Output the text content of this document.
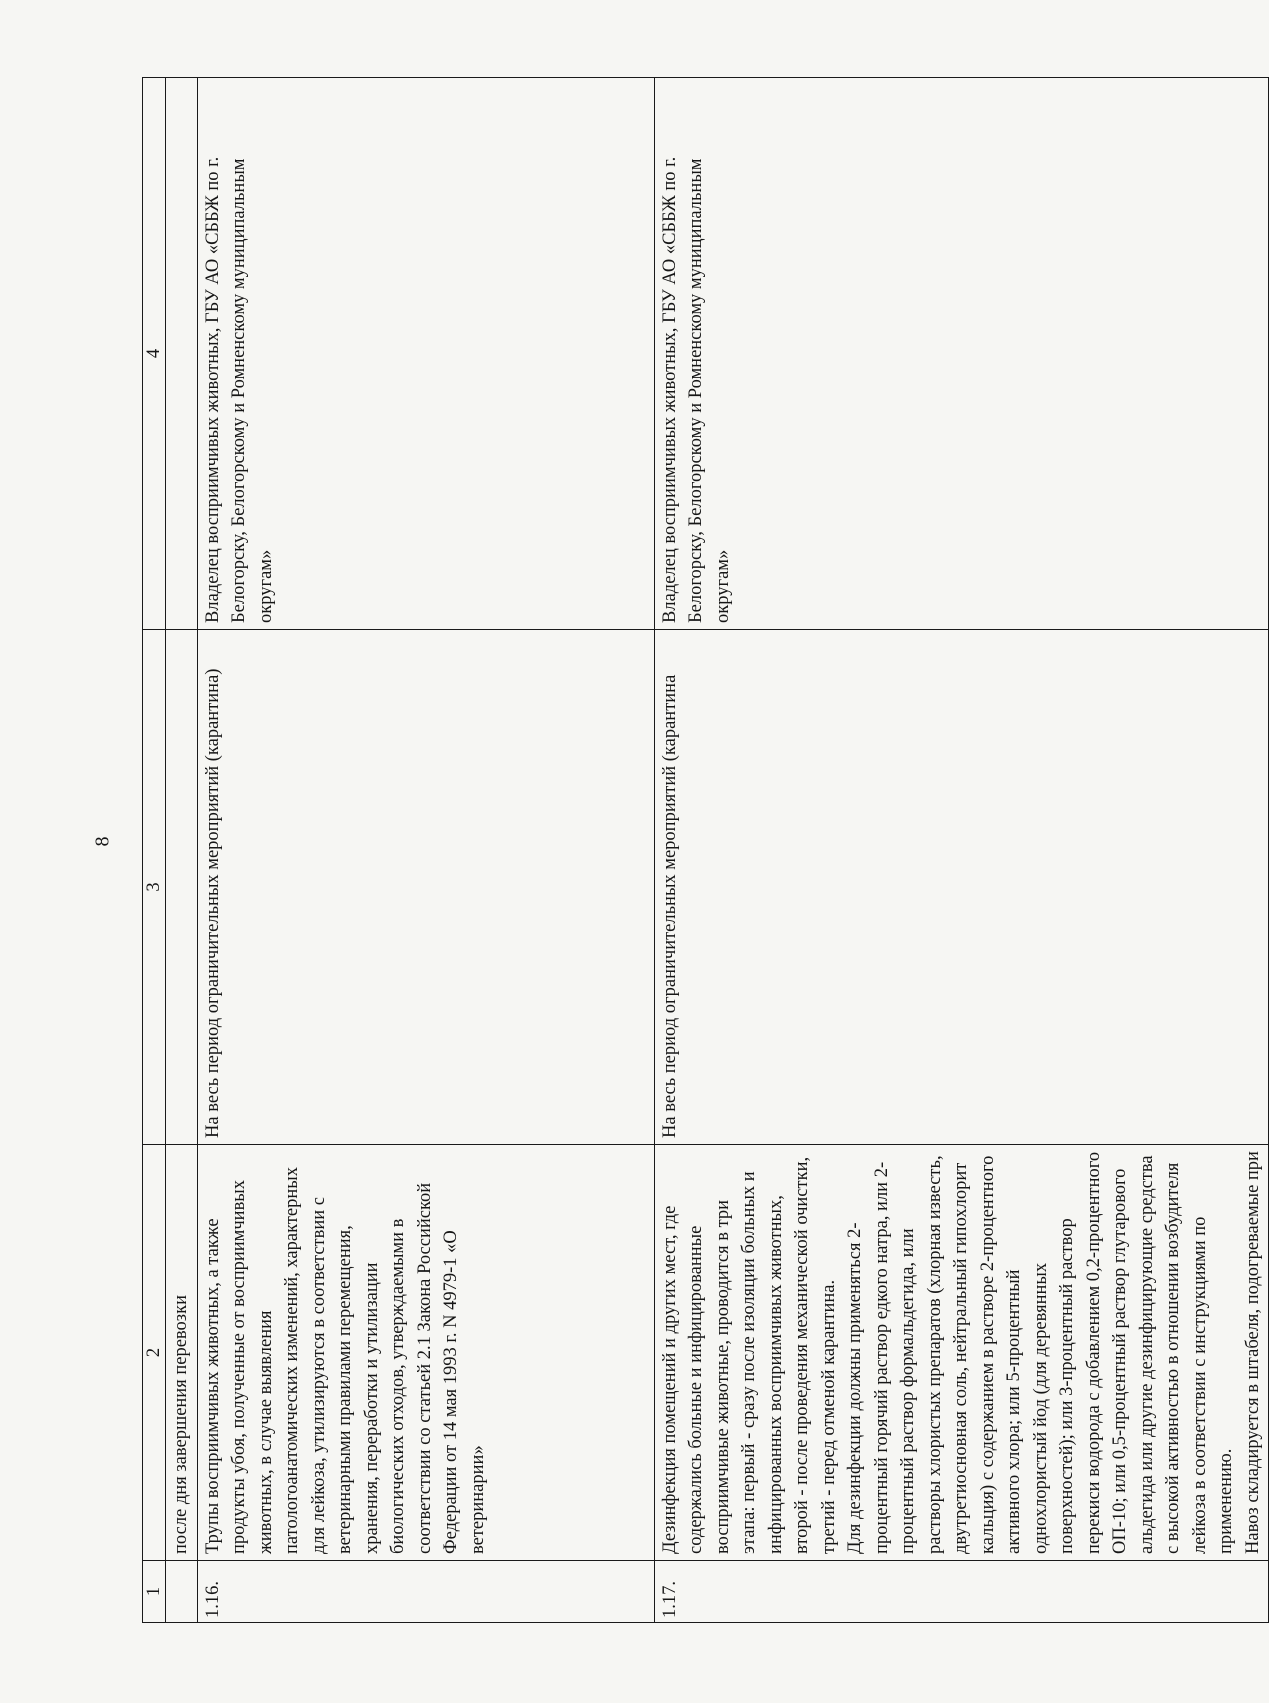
8
1	2	3	4
	после дня завершения перевозки		
1.16.	Трупы восприимчивых животных, а также продукты убоя, полученные от восприимчивых животных, в случае выявления патологоанатомических изменений, характерных для лейкоза, утилизируются в соответствии с ветеринарными правилами перемещения, хранения, переработки и утилизации биологических отходов, утверждаемыми в соответствии со статьей 2.1 Закона Российской Федерации от 14 мая 1993 г. N 4979-1 «О ветеринарии»	На весь период ограничительных мероприятий (карантина)	Владелец восприимчивых животных, ГБУ АО «СББЖ по г. Белогорску, Белогорскому и Ромненскому муниципальным округам»
1.17.	Дезинфекция помещений и других мест, где содержались больные и инфицированные восприимчивые животные, проводится в три этапа: первый - сразу после изоляции больных и инфицированных восприимчивых животных, второй - после проведения механической очистки, третий - перед отменой карантина.
Для дезинфекции должны применяться 2-процентный горячий раствор едкого натра, или 2-процентный раствор формальдегида, или растворы хлористых препаратов (хлорная известь, двутретиосновная соль, нейтральный гипохлорит кальция) с содержанием в растворе 2-процентного активного хлора; или 5-процентный однохлористый йод (для деревянных поверхностей); или 3-процентный раствор перекиси водорода с добавлением 0,2-процентного ОП-10; или 0,5-процентный раствор глутарового альдегида или другие дезинфицирующие средства с высокой активностью в отношении возбудителя лейкоза в соответствии с инструкциями по применению.
Навоз складируется в штабеля, подогреваемые при	На весь период ограничительных мероприятий (карантина	Владелец восприимчивых животных, ГБУ АО «СББЖ по г. Белогорску, Белогорскому и Ромненскому муниципальным округам»
